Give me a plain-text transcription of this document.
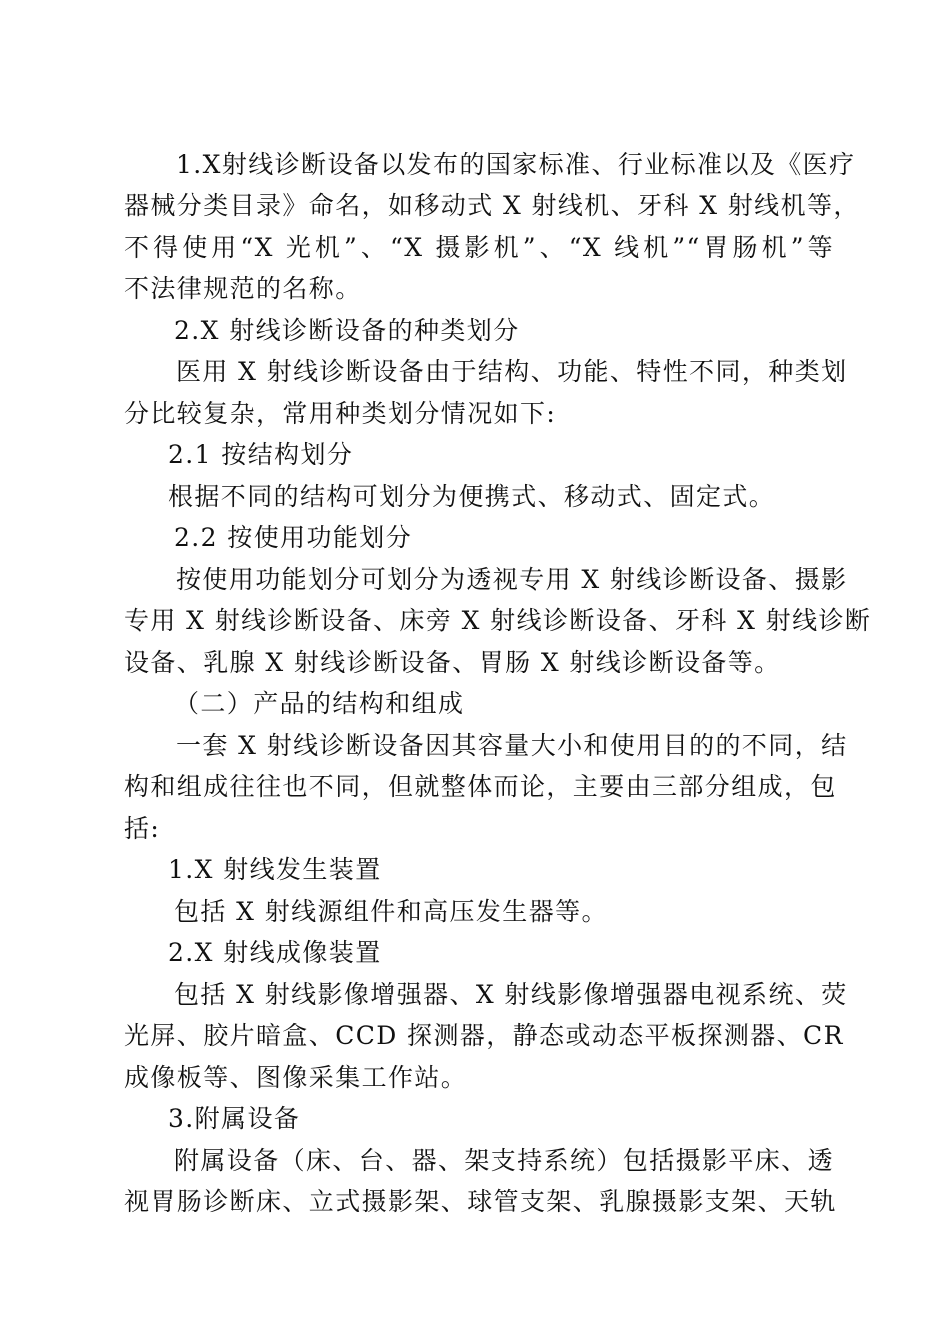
1.X射线诊断设备以发布的国家标准、行业标准以及《医疗
器械分类目录》命名，如移动式 X 射线机、牙科 X 射线机等，
不得使用“X 光机”、“X 摄影机”、“X 线机”“胃肠机”等
不法律规范的名称。
2.X 射线诊断设备的种类划分
医用 X 射线诊断设备由于结构、功能、特性不同，种类划
分比较复杂，常用种类划分情况如下:
2.1 按结构划分
根据不同的结构可划分为便携式、移动式、固定式。
2.2 按使用功能划分
按使用功能划分可划分为透视专用 X 射线诊断设备、摄影
专用 X 射线诊断设备、床旁 X 射线诊断设备、牙科 X 射线诊断
设备、乳腺 X 射线诊断设备、胃肠 X 射线诊断设备等。
（二）产品的结构和组成
一套 X 射线诊断设备因其容量大小和使用目的的不同，结
构和组成往往也不同，但就整体而论，主要由三部分组成，包
括:
1.X 射线发生装置
包括 X 射线源组件和高压发生器等。
2.X 射线成像装置
包括 X 射线影像增强器、X 射线影像增强器电视系统、荧
光屏、胶片暗盒、CCD 探测器，静态或动态平板探测器、CR
成像板等、图像采集工作站。
3.附属设备
附属设备（床、台、器、架支持系统）包括摄影平床、透
视胃肠诊断床、立式摄影架、球管支架、乳腺摄影支架、天轨
